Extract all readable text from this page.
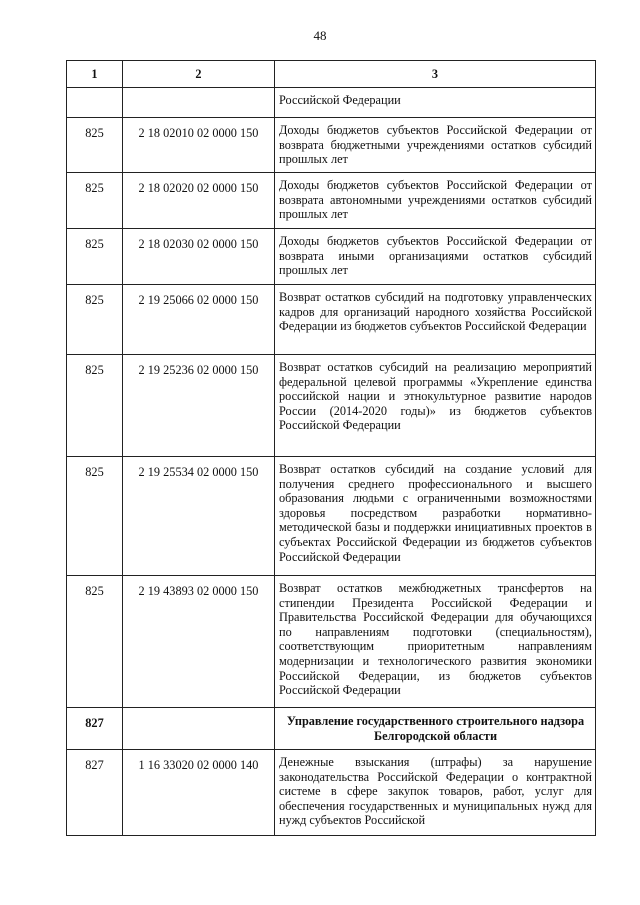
48
1	2	3
		Российской Федерации
825	2 18 02010 02 0000 150	Доходы бюджетов субъектов Российской Федерации от возврата бюджетными учреждениями остатков субсидий прошлых лет
825	2 18 02020 02 0000 150	Доходы бюджетов субъектов Российской Федерации от возврата автономными учреждениями остатков субсидий прошлых лет
825	2 18 02030 02 0000 150	Доходы бюджетов субъектов Российской Федерации от возврата иными организациями остатков субсидий прошлых лет
825	2 19 25066 02 0000 150	Возврат остатков субсидий на подготовку управленческих кадров для организаций народного хозяйства Российской Федерации из бюджетов субъектов Российской Федерации
825	2 19 25236 02 0000 150	Возврат остатков субсидий на реализацию мероприятий федеральной целевой программы «Укрепление единства российской нации и этнокультурное развитие народов России (2014-2020 годы)» из бюджетов субъектов Российской Федерации
825	2 19 25534 02 0000 150	Возврат остатков субсидий на создание условий для получения среднего профессионального и высшего образования людьми с ограниченными возможностями здоровья посредством разработки нормативно-методической базы и поддержки инициативных проектов в субъектах Российской Федерации из бюджетов субъектов Российской Федерации
825	2 19 43893 02 0000 150	Возврат остатков межбюджетных трансфертов на стипендии Президента Российской Федерации и Правительства Российской Федерации для обучающихся по направлениям подготовки (специальностям), соответствующим приоритетным направлениям модернизации и технологического развития экономики Российской Федерации, из бюджетов субъектов Российской Федерации
827		Управление государственного строительного надзора Белгородской области
827	1 16 33020 02 0000 140	Денежные взыскания (штрафы) за нарушение законодательства Российской Федерации о контрактной системе в сфере закупок товаров, работ, услуг для обеспечения государственных и муниципальных нужд для нужд субъектов Российской
